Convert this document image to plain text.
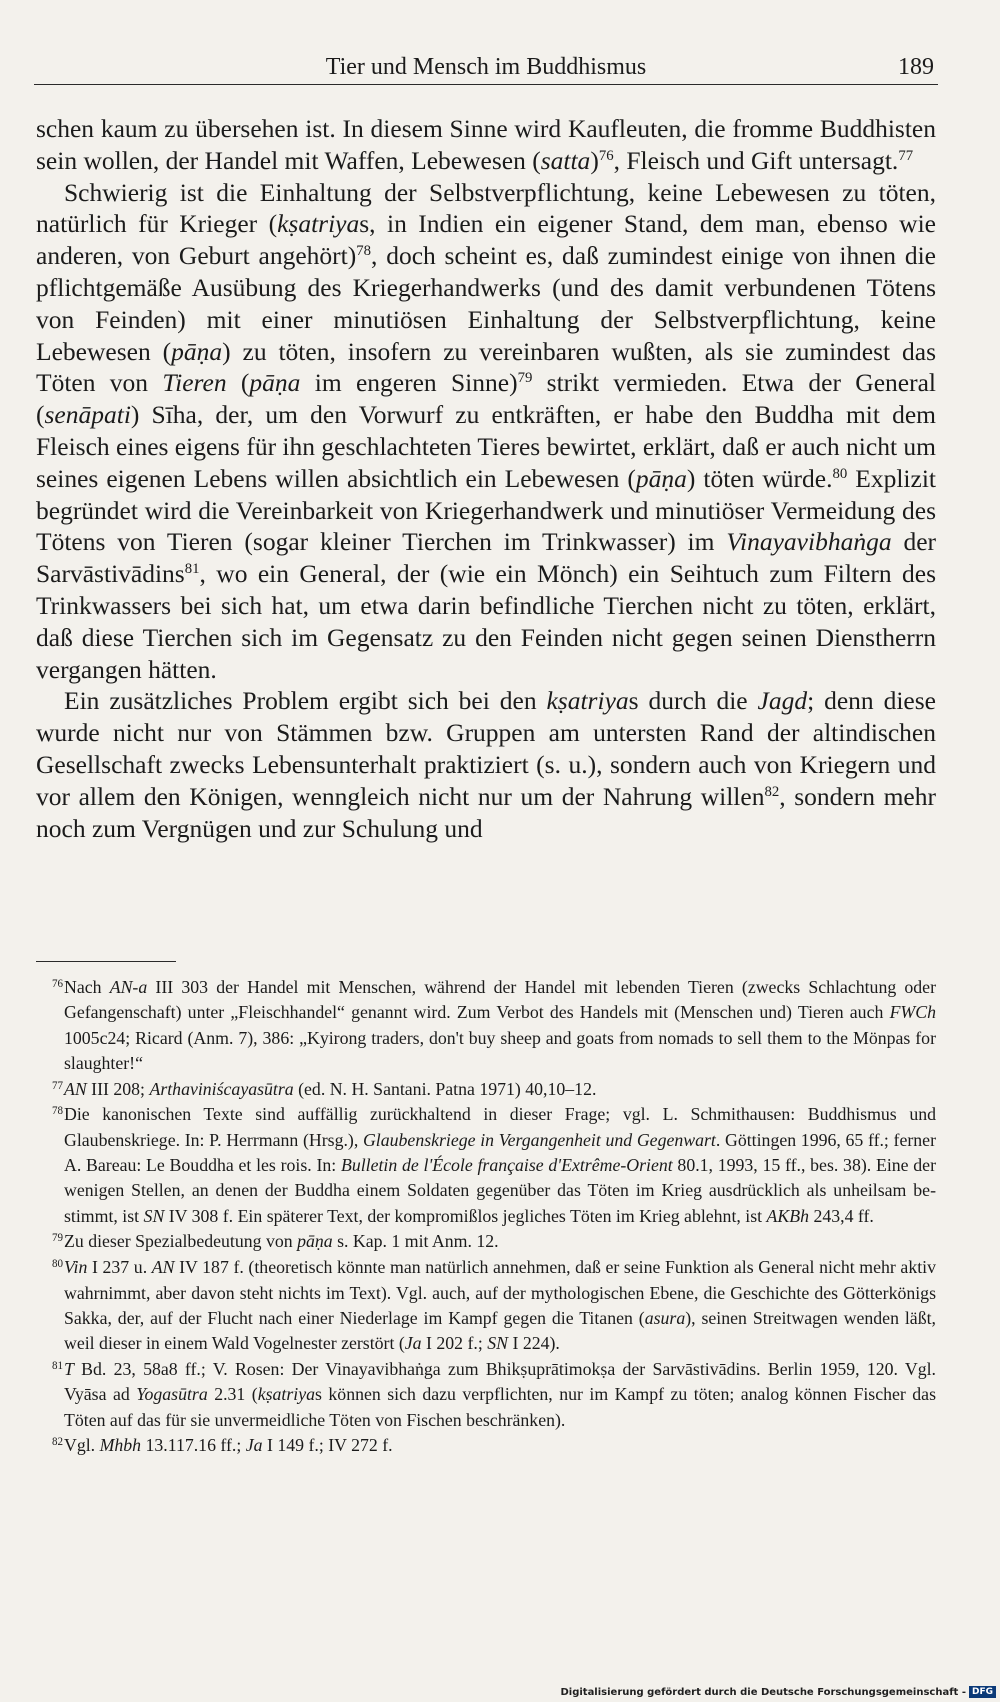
Tier und Mensch im Buddhismus	189

schen kaum zu übersehen ist. In diesem Sinne wird Kaufleuten, die fromme Buddhisten sein wollen, der Handel mit Waffen, Lebewesen (satta)$^{76}$, Fleisch und Gift untersagt.$^{77}$

Schwierig ist die Einhaltung der Selbstverpflichtung, keine Lebewesen zu töten, natürlich für Krieger (kṣatriyas, in Indien ein eigener Stand, dem man, ebenso wie anderen, von Geburt angehört)$^{78}$, doch scheint es, daß zumindest einige von ihnen die pflichtgemäße Ausübung des Kriegerhandwerks (und des damit verbundenen Tötens von Feinden) mit einer minutiösen Einhaltung der Selbstverpflichtung, keine Lebewesen (pāṇa) zu töten, insofern zu vereinbaren wußten, als sie zumindest das Töten von Tieren (pāṇa im engeren Sinne)$^{79}$ strikt vermieden. Etwa der General (senāpati) Sīha, der, um den Vorwurf zu entkräften, er habe den Buddha mit dem Fleisch eines eigens für ihn geschlachteten Tieres bewirtet, erklärt, daß er auch nicht um seines eigenen Lebens willen absichtlich ein Lebewesen (pāṇa) töten würde.$^{80}$ Explizit begründet wird die Vereinbarkeit von Kriegerhandwerk und minutiöser Vermeidung des Tötens von Tieren (sogar kleiner Tierchen im Trinkwasser) im Vinayavibhaṅga der Sarvāstivādins$^{81}$, wo ein General, der (wie ein Mönch) ein Seihtuch zum Filtern des Trinkwassers bei sich hat, um etwa darin befindliche Tierchen nicht zu töten, erklärt, daß diese Tierchen sich im Gegensatz zu den Feinden nicht gegen seinen Dienstherrn vergangen hätten.

Ein zusätzliches Problem ergibt sich bei den kṣatriyas durch die Jagd; denn diese wurde nicht nur von Stämmen bzw. Gruppen am untersten Rand der altindischen Gesellschaft zwecks Lebensunterhalt praktiziert (s. u.), sondern auch von Kriegern und vor allem den Königen, wenngleich nicht nur um der Nahrung willen$^{82}$, sondern mehr noch zum Vergnügen und zur Schulung und

76Nach AN-a III 303 der Handel mit Menschen, während der Handel mit lebenden Tieren (zwecks Schlachtung oder Gefangenschaft) unter „Fleischhandel“ genannt wird. Zum Verbot des Handels mit (Menschen und) Tieren auch FWCh 1005c24; Ricard (Anm. 7), 386: „Kyirong traders, don't buy sheep and goats from nomads to sell them to the Mönpas for slaughter!“

77AN III 208; Arthaviniścayasūtra (ed. N. H. Santani. Patna 1971) 40,10–12.

78Die kanonischen Texte sind auffällig zurückhaltend in dieser Frage; vgl. L. Schmithausen: Buddhismus und Glaubenskriege. In: P. Herrmann (Hrsg.), Glaubenskriege in Vergangenheit und Gegenwart. Göttingen 1996, 65 ff.; ferner A. Bareau: Le Bouddha et les rois. In: Bulletin de l'École française d'Extrême-Orient 80.1, 1993, 15 ff., bes. 38). Eine der wenigen Stellen, an denen der Buddha einem Soldaten gegenüber das Töten im Krieg ausdrücklich als unheilsam bestimmt, ist SN IV 308 f. Ein späterer Text, der kompromißlos jegliches Töten im Krieg ablehnt, ist AKBh 243,4 ff.

79Zu dieser Spezialbedeutung von pāṇa s. Kap. 1 mit Anm. 12.

80Vin I 237 u. AN IV 187 f. (theoretisch könnte man natürlich annehmen, daß er seine Funktion als General nicht mehr aktiv wahrnimmt, aber davon steht nichts im Text). Vgl. auch, auf der mythologischen Ebene, die Geschichte des Götterkönigs Sakka, der, auf der Flucht nach einer Niederlage im Kampf gegen die Titanen (asura), seinen Streitwagen wenden läßt, weil dieser in einem Wald Vogelnester zerstört (Ja I 202 f.; SN I 224).

81T Bd. 23, 58a8 ff.; V. Rosen: Der Vinayavibhaṅga zum Bhikṣuprātimokṣa der Sarvāstivādins. Berlin 1959, 120. Vgl. Vyāsa ad Yogasūtra 2.31 (kṣatriyas können sich dazu verpflichten, nur im Kampf zu töten; analog können Fischer das Töten auf das für sie unvermeidliche Töten von Fischen beschränken).

82Vgl. Mhbh 13.117.16 ff.; Ja I 149 f.; IV 272 f.

Digitalisierung gefördert durch die Deutsche Forschungsgemeinschaft - DFG
